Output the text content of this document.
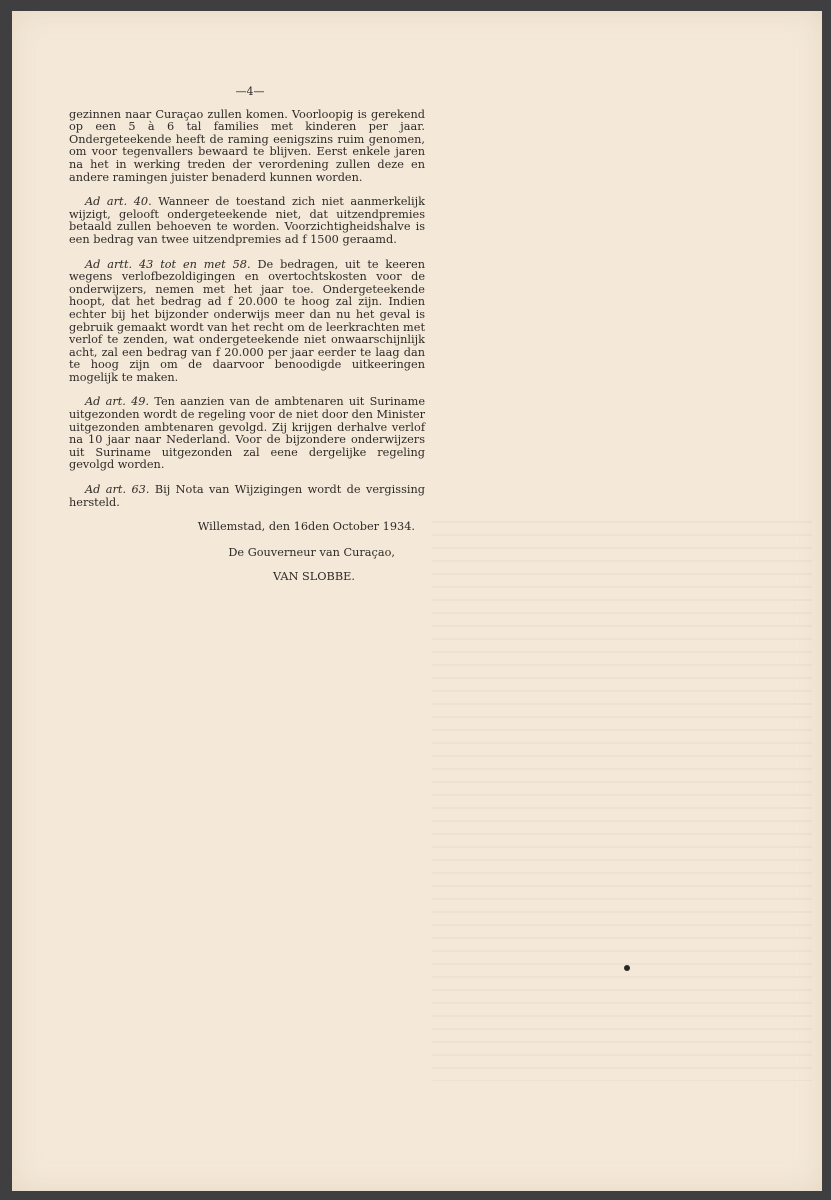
—4—

gezinnen naar Curaçao zullen komen. Voorloopig is gerekend op een 5 à 6 tal families met kinderen per jaar. Ondergeteekende heeft de raming eenigszins ruim genomen, om voor tegenvallers bewaard te blijven. Eerst enkele jaren na het in werking treden der verordening zullen deze en andere ramingen juister benaderd kunnen worden.

Ad art. 40. Wanneer de toestand zich niet aanmerkelijk wijzigt, gelooft ondergeteekende niet, dat uitzendpremies betaald zullen behoeven te worden. Voorzichtigheidshalve is een bedrag van twee uitzendpremies ad f 1500 geraamd.

Ad artt. 43 tot en met 58. De bedragen, uit te keeren wegens verlofbezoldigingen en overtochtskosten voor de onderwijzers, nemen met het jaar toe. Ondergeteekende hoopt, dat het bedrag ad f 20.000 te hoog zal zijn. Indien echter bij het bijzonder onderwijs meer dan nu het geval is gebruik gemaakt wordt van het recht om de leerkrachten met verlof te zenden, wat ondergeteekende niet onwaarschijnlijk acht, zal een bedrag van f 20.000 per jaar eerder te laag dan te hoog zijn om de daarvoor benoodigde uitkeeringen mogelijk te maken.

Ad art. 49. Ten aanzien van de ambtenaren uit Suriname uitgezonden wordt de regeling voor de niet door den Minister uitgezonden ambtenaren gevolgd. Zij krijgen derhalve verlof na 10 jaar naar Nederland. Voor de bijzondere onderwijzers uit Suriname uitgezonden zal eene dergelijke regeling gevolgd worden.

Ad art. 63. Bij Nota van Wijzigingen wordt de vergissing hersteld.

Willemstad, den 16den October 1934.

De Gouverneur van Curaçao,

VAN SLOBBE.
